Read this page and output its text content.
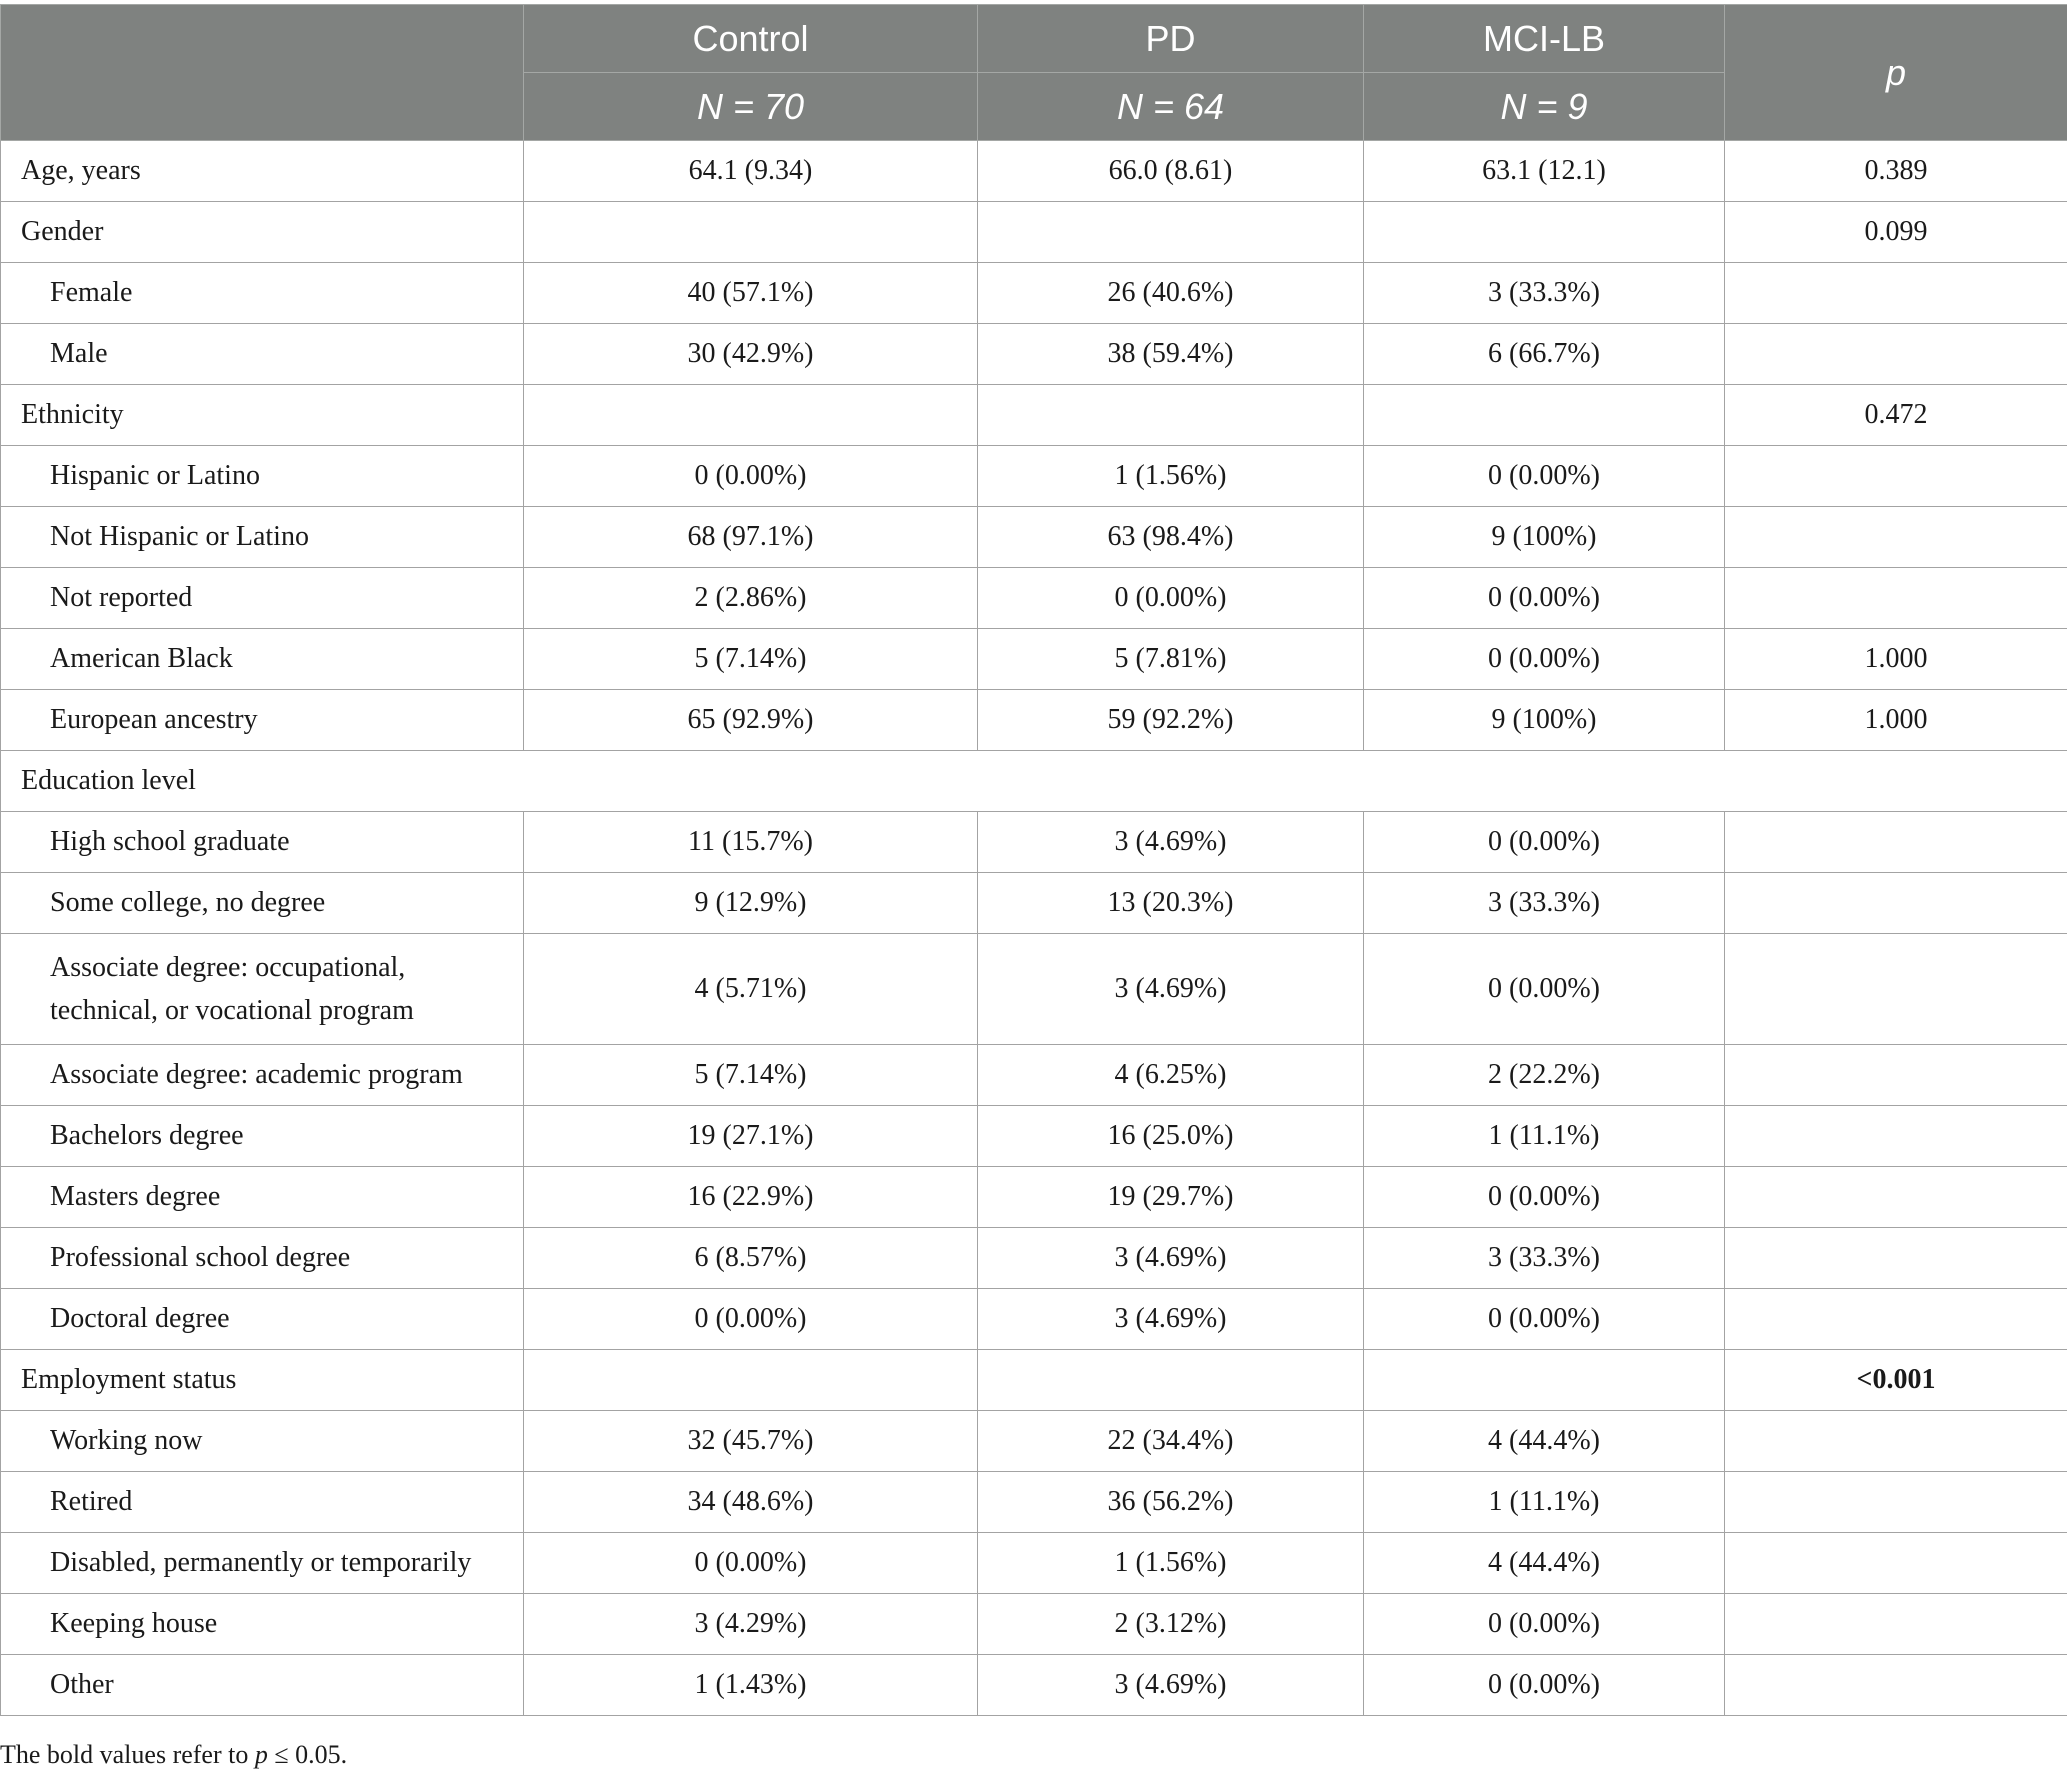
	Control	PD	MCI-LB	p
	N = 70	N = 64	N = 9	
Age, years	64.1 (9.34)	66.0 (8.61)	63.1 (12.1)	0.389
Gender				0.099
Female	40 (57.1%)	26 (40.6%)	3 (33.3%)	
Male	30 (42.9%)	38 (59.4%)	6 (66.7%)	
Ethnicity				0.472
Hispanic or Latino	0 (0.00%)	1 (1.56%)	0 (0.00%)	
Not Hispanic or Latino	68 (97.1%)	63 (98.4%)	9 (100%)	
Not reported	2 (2.86%)	0 (0.00%)	0 (0.00%)	
American Black	5 (7.14%)	5 (7.81%)	0 (0.00%)	1.000
European ancestry	65 (92.9%)	59 (92.2%)	9 (100%)	1.000
Education level				
High school graduate	11 (15.7%)	3 (4.69%)	0 (0.00%)	
Some college, no degree	9 (12.9%)	13 (20.3%)	3 (33.3%)	
Associate degree: occupational,
technical, or vocational program	4 (5.71%)	3 (4.69%)	0 (0.00%)	
Associate degree: academic program	5 (7.14%)	4 (6.25%)	2 (22.2%)	
Bachelors degree	19 (27.1%)	16 (25.0%)	1 (11.1%)	
Masters degree	16 (22.9%)	19 (29.7%)	0 (0.00%)	
Professional school degree	6 (8.57%)	3 (4.69%)	3 (33.3%)	
Doctoral degree	0 (0.00%)	3 (4.69%)	0 (0.00%)	
Employment status				<0.001
Working now	32 (45.7%)	22 (34.4%)	4 (44.4%)	
Retired	34 (48.6%)	36 (56.2%)	1 (11.1%)	
Disabled, permanently or temporarily	0 (0.00%)	1 (1.56%)	4 (44.4%)	
Keeping house	3 (4.29%)	2 (3.12%)	0 (0.00%)	
Other	1 (1.43%)	3 (4.69%)	0 (0.00%)	
The bold values refer to p ≤ 0.05.
